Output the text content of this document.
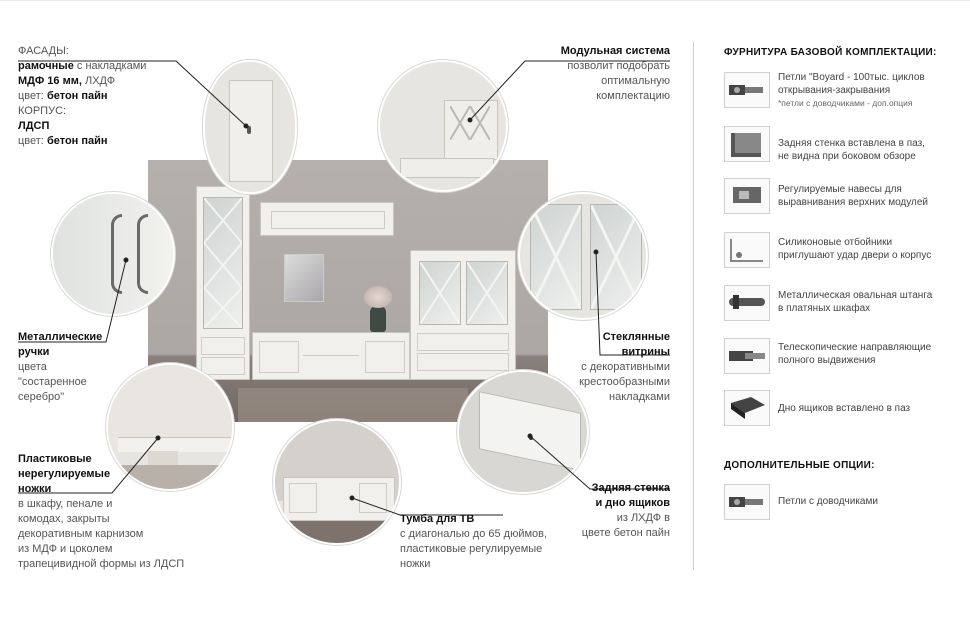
ФАСАДЫ:
рамочные с накладками
МДФ 16 мм, ЛХДФ
цвет: бетон пайн
КОРПУС:
ЛДСП
цвет: бетон пайн
Металлические
ручки
цвета
"состаренное
серебро"
Пластиковые
нерегулируемые
ножки
в шкафу, пенале и
комодах, закрыты
декоративным карнизом
из МДФ и цоколем
трапецивидной формы из ЛДСП
Модульная система
позволит подобрать
оптимальную
комплектацию
Стеклянные
витрины
с декоративными
крестообразными
накладками
Задняя стенка
и дно ящиков
из ЛХДФ в
цвете бетон пайн
Тумба для ТВ
с диагональю до 65 дюймов,
пластиковые регулируемые
ножки
ФУРНИТУРА БАЗОВОЙ КОМПЛЕКТАЦИИ:
Петли "Boyard - 100тыс. циклов
открывания-закрывания
*петли с доводчиками - доп.опция
Задняя стенка вставлена в паз,
не видна при боковом обзоре
Регулируемые навесы для
выравнивания верхних модулей
Силиконовые отбойники
приглушают удар двери о корпус
Металлическая овальная штанга
в платяных шкафах
Телескопические направляющие
полного выдвижения
Дно ящиков вставлено в паз
ДОПОЛНИТЕЛЬНЫЕ ОПЦИИ:
Петли с доводчиками
